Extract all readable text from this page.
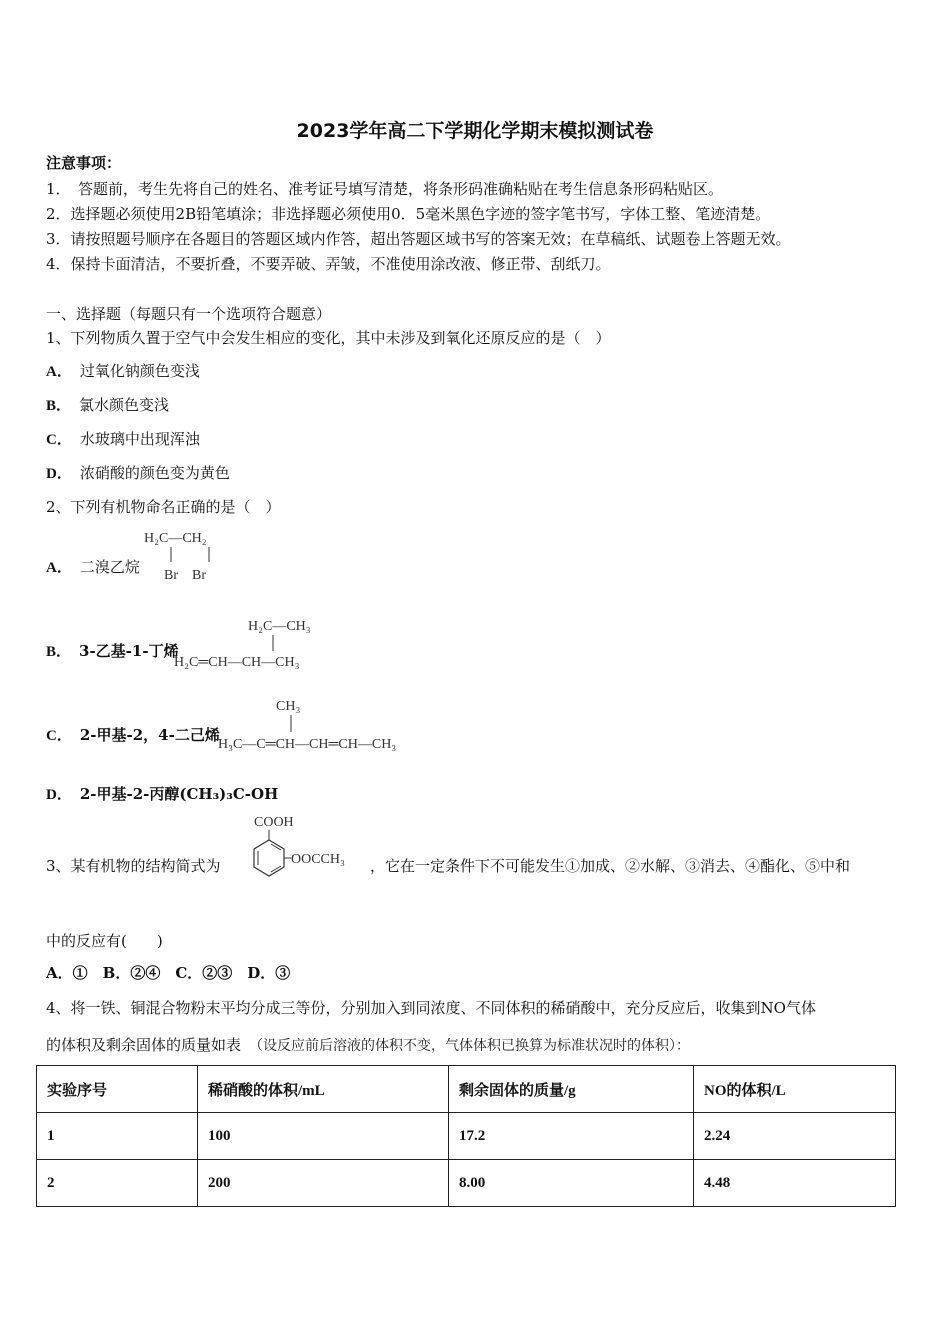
2023学年高二下学期化学期末模拟测试卷
注意事项：
1．　答题前，考生先将自己的姓名、准考证号填写清楚，将条形码准确粘贴在考生信息条形码粘贴区。
2．选择题必须使用2B铅笔填涂；非选择题必须使用0．5毫米黑色字迹的签字笔书写，字体工整、笔迹清楚。
3．请按照题号顺序在各题目的答题区域内作答，超出答题区域书写的答案无效；在草稿纸、试题卷上答题无效。
4．保持卡面清洁，不要折叠，不要弄破、弄皱，不准使用涂改液、修正带、刮纸刀。
一、选择题（每题只有一个选项符合题意）
1、下列物质久置于空气中会发生相应的变化，其中未涉及到氧化还原反应的是（　）
A． 过氧化钠颜色变浅
B． 氯水颜色变浅
C． 水玻璃中出现浑浊
D． 浓硝酸的颜色变为黄色
2、下列有机物命名正确的是（　）
A． 二溴乙烷
H₂C—CH₂
Br　Br
B． 3-乙基-1-丁烯
H₂C—CH₃
H₂C═CH—CH—CH₃
C． 2-甲基-2，4-二己烯
CH₃
H₃C—C═CH—CH═CH—CH₃
D． 2-甲基-2-丙醇(CH₃)₃C-OH
3、某有机物的结构简式为
COOH
OOCCH₃ ，它在一定条件下不可能发生①加成、②水解、③消去、④酯化、⑤中和
中的反应有(　　)
A．①　B．②④　C．②③　D．③
4、将一铁、铜混合物粉末平均分成三等份，分别加入到同浓度、不同体积的稀硝酸中，充分反应后，收集到NO气体
的体积及剩余固体的质量如表 （设反应前后溶液的体积不变，气体体积已换算为标准状况时的体积）：
实验序号	稀硝酸的体积/mL	剩余固体的质量/g	NO的体积/L
1	100	17.2	2.24
2	200	8.00	4.48
